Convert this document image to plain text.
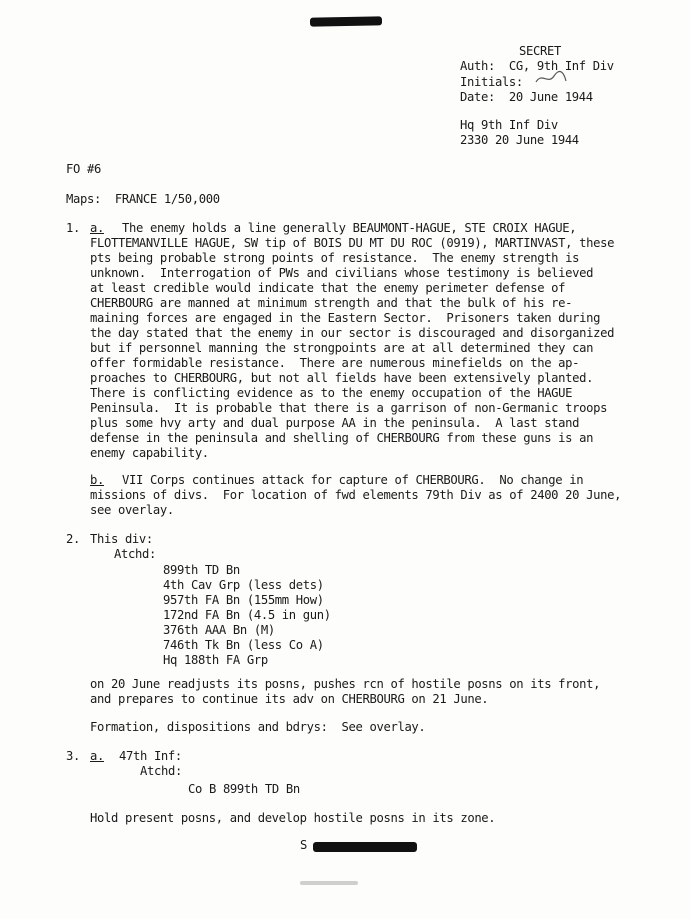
SECRET
Auth:  CG, 9th Inf Div
Initials:
Date:  20 June 1944
Hq 9th Inf Div
2330 20 June 1944
FO #6
Maps:  FRANCE 1/50,000
1. a. The enemy holds a line generally BEAUMONT-HAGUE, STE CROIX HAGUE,
FLOTTEMANVILLE HAGUE, SW tip of BOIS DU MT DU ROC (0919), MARTINVAST, these
pts being probable strong points of resistance.  The enemy strength is
unknown.  Interrogation of PWs and civilians whose testimony is believed
at least credible would indicate that the enemy perimeter defense of
CHERBOURG are manned at minimum strength and that the bulk of his re-
maining forces are engaged in the Eastern Sector.  Prisoners taken during
the day stated that the enemy in our sector is discouraged and disorganized
but if personnel manning the strongpoints are at all determined they can
offer formidable resistance.  There are numerous minefields on the ap-
proaches to CHERBOURG, but not all fields have been extensively planted.
There is conflicting evidence as to the enemy occupation of the HAGUE
Peninsula.  It is probable that there is a garrison of non-Germanic troops
plus some hvy arty and dual purpose AA in the peninsula.  A last stand
defense in the peninsula and shelling of CHERBOURG from these guns is an
enemy capability.
b. VII Corps continues attack for capture of CHERBOURG.  No change in
missions of divs.  For location of fwd elements 79th Div as of 2400 20 June,
see overlay.
2. This div:
Atchd:
899th TD Bn
4th Cav Grp (less dets)
957th FA Bn (155mm How)
172nd FA Bn (4.5 in gun)
376th AAA Bn (M)
746th Tk Bn (less Co A)
Hq 188th FA Grp
on 20 June readjusts its posns, pushes rcn of hostile posns on its front,
and prepares to continue its adv on CHERBOURG on 21 June.
Formation, dispositions and bdrys:  See overlay.
3. a. 47th Inf:
Atchd:
Co B 899th TD Bn
Hold present posns, and develop hostile posns in its zone.
S
